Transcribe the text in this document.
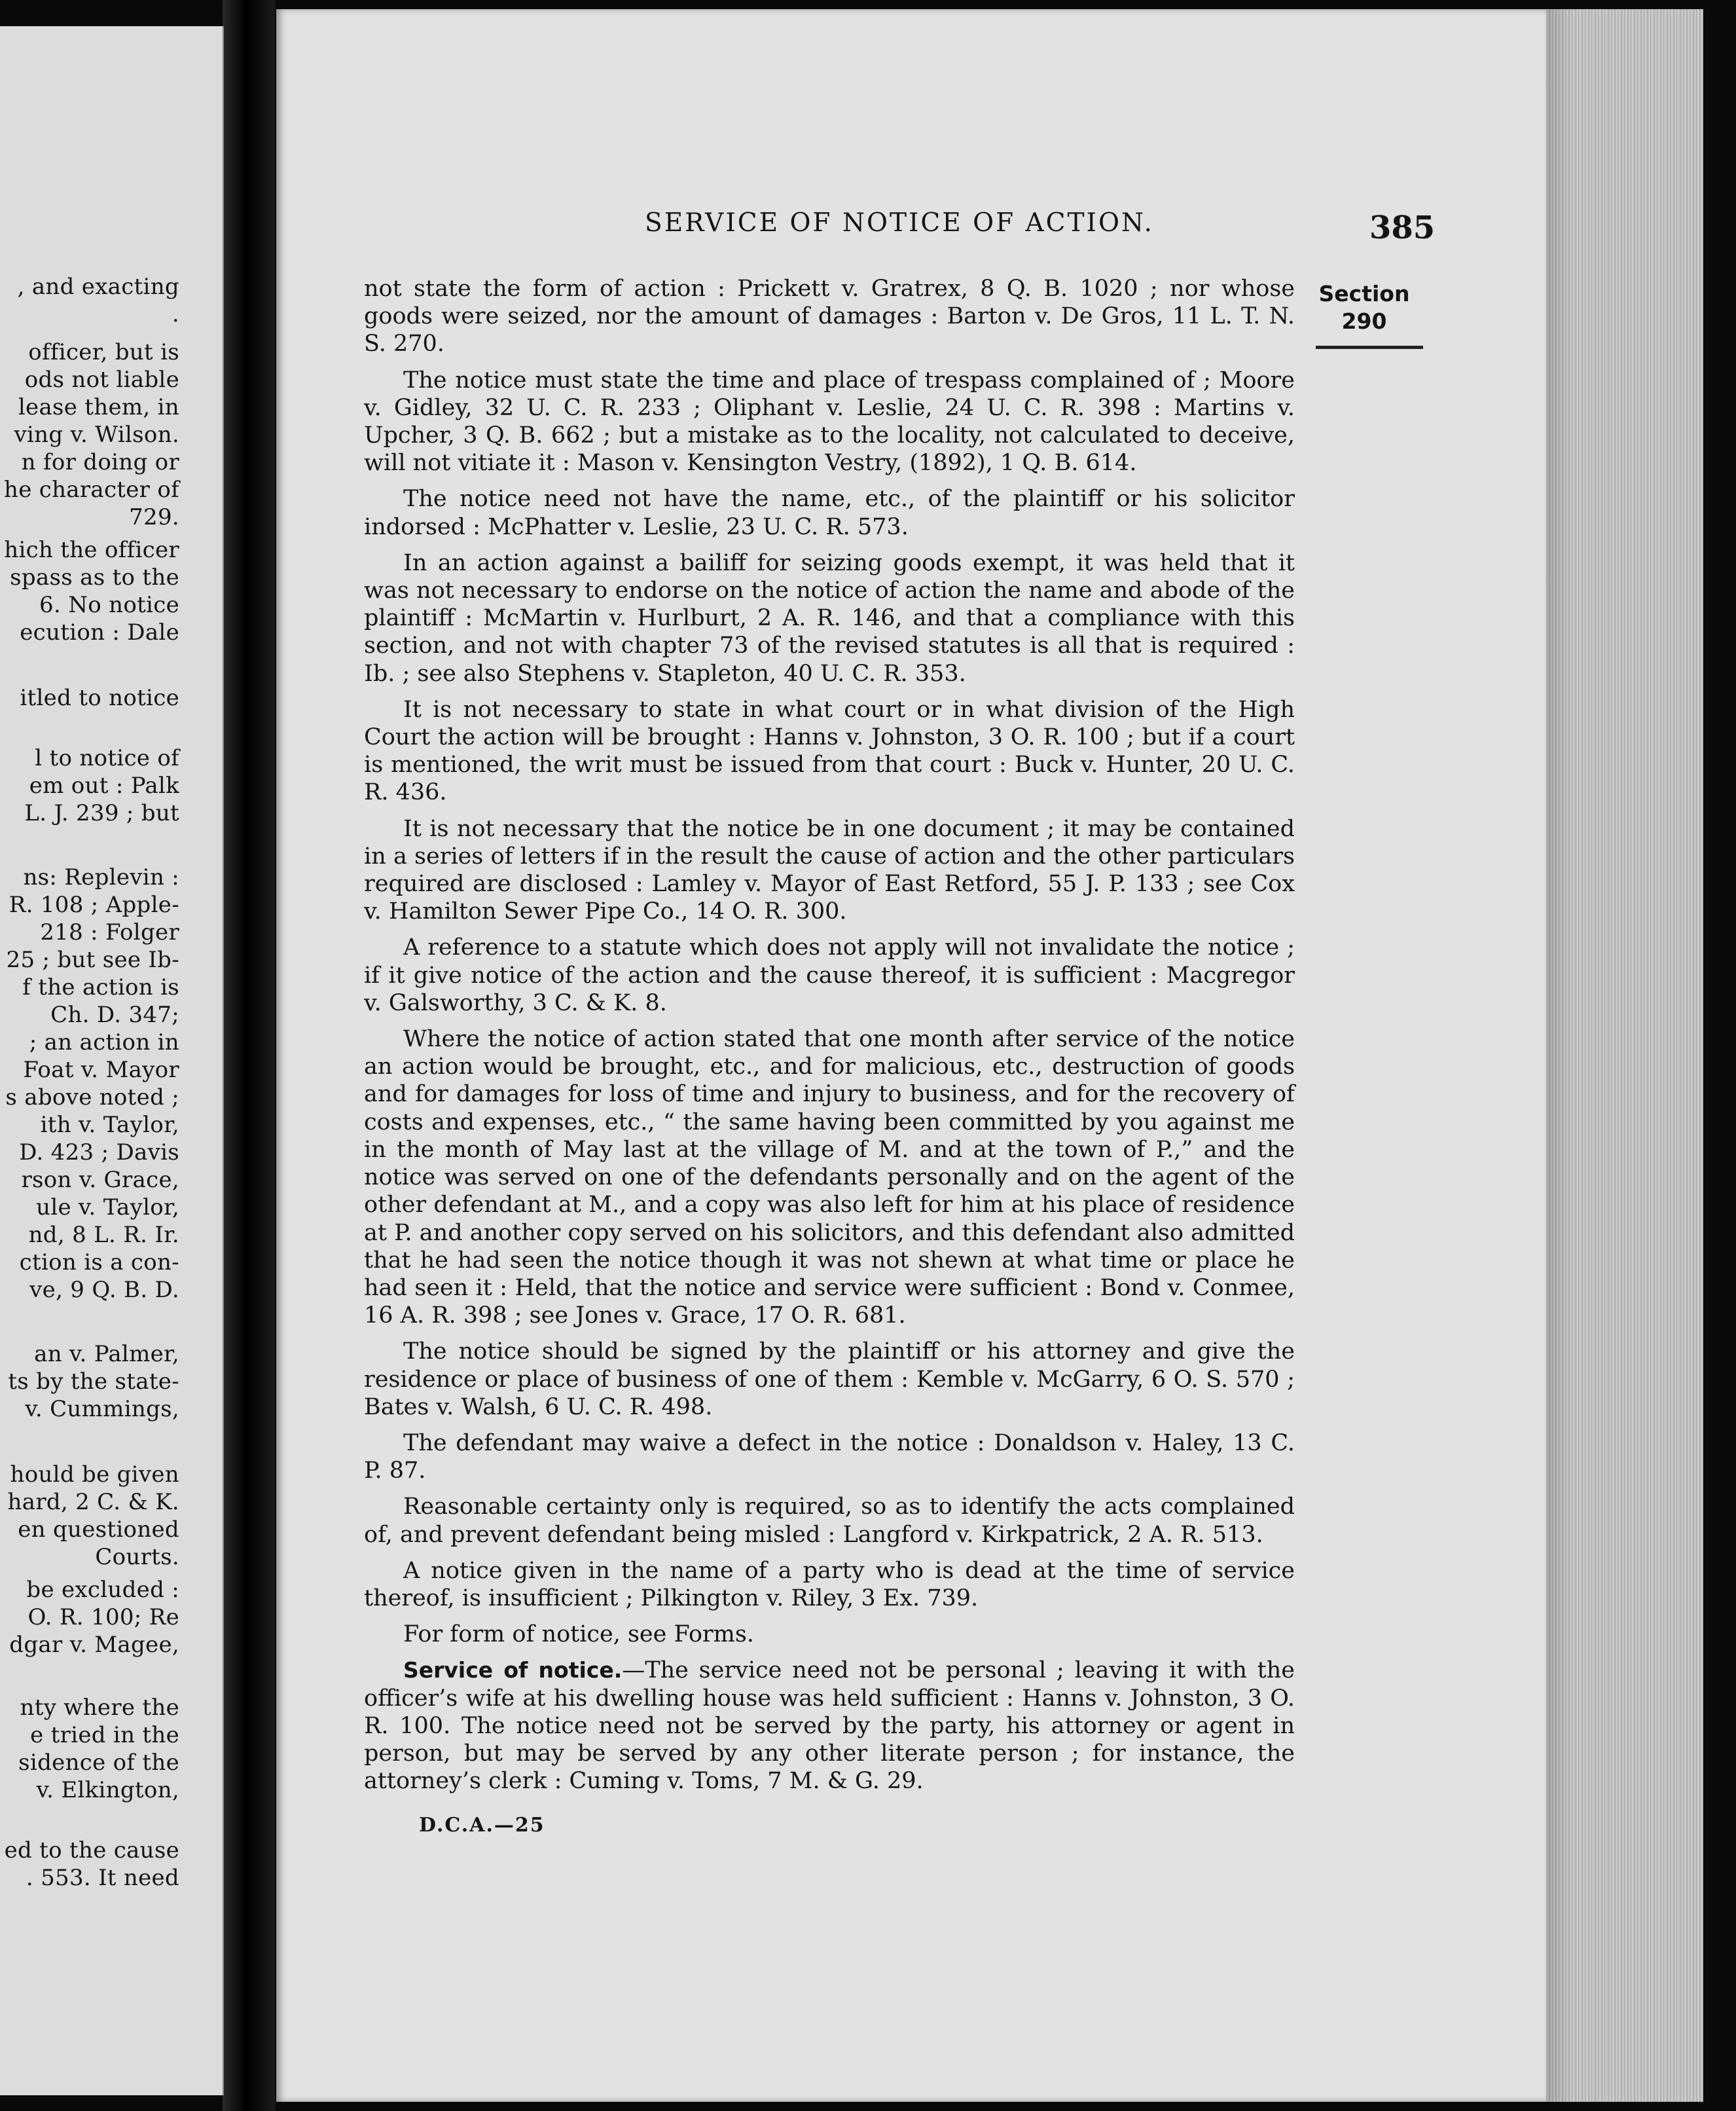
, and exacting
.
officer, but is
ods not liable
lease them, in
ving v. Wilson.
n for doing or
he character of
729.
hich the officer
spass as to the
6. No notice
ecution : Dale
itled to notice
l to notice of
em out : Palk
L. J. 239 ; but
ns: Replevin :
R. 108 ; Apple-
218 : Folger
25 ; but see Ib-
f the action is
Ch. D. 347;
; an action in
Foat v. Mayor
s above noted ;
ith v. Taylor,
D. 423 ; Davis
rson v. Grace,
ule v. Taylor,
nd, 8 L. R. Ir.
ction is a con-
ve, 9 Q. B. D.
an v. Palmer,
ts by the state-
v. Cummings,
hould be given
hard, 2 C. & K.
en questioned
Courts.
be excluded :
O. R. 100; Re
dgar v. Magee,
nty where the
e tried in the
sidence of the
v. Elkington,
ed to the cause
. 553. It need
SERVICE OF NOTICE OF ACTION.	385
Section
290

not state the form of action : Prickett v. Gratrex, 8 Q. B. 1020 ; nor whose goods were seized, nor the amount of damages : Barton v. De Gros, 11 L. T. N. S. 270.

The notice must state the time and place of trespass complained of ; Moore v. Gidley, 32 U. C. R. 233 ; Oliphant v. Leslie, 24 U. C. R. 398 : Martins v. Upcher, 3 Q. B. 662 ; but a mistake as to the locality, not calculated to deceive, will not vitiate it : Mason v. Kensington Vestry, (1892), 1 Q. B. 614.

The notice need not have the name, etc., of the plaintiff or his solicitor indorsed : McPhatter v. Leslie, 23 U. C. R. 573.

In an action against a bailiff for seizing goods exempt, it was held that it was not necessary to endorse on the notice of action the name and abode of the plaintiff : McMartin v. Hurlburt, 2 A. R. 146, and that a compliance with this section, and not with chapter 73 of the revised statutes is all that is required : Ib. ; see also Stephens v. Stapleton, 40 U. C. R. 353.

It is not necessary to state in what court or in what division of the High Court the action will be brought : Hanns v. Johnston, 3 O. R. 100 ; but if a court is mentioned, the writ must be issued from that court : Buck v. Hunter, 20 U. C. R. 436.

It is not necessary that the notice be in one document ; it may be contained in a series of letters if in the result the cause of action and the other particulars required are disclosed : Lamley v. Mayor of East Retford, 55 J. P. 133 ; see Cox v. Hamilton Sewer Pipe Co., 14 O. R. 300.

A reference to a statute which does not apply will not invalidate the notice ; if it give notice of the action and the cause thereof, it is sufficient : Macgregor v. Galsworthy, 3 C. & K. 8.

Where the notice of action stated that one month after service of the notice an action would be brought, etc., and for malicious, etc., destruction of goods and for damages for loss of time and injury to business, and for the recovery of costs and expenses, etc., “ the same having been committed by you against me in the month of May last at the village of M. and at the town of P.,” and the notice was served on one of the defendants personally and on the agent of the other defendant at M., and a copy was also left for him at his place of residence at P. and another copy served on his solicitors, and this defendant also admitted that he had seen the notice though it was not shewn at what time or place he had seen it : Held, that the notice and service were sufficient : Bond v. Conmee, 16 A. R. 398 ; see Jones v. Grace, 17 O. R. 681.

The notice should be signed by the plaintiff or his attorney and give the residence or place of business of one of them : Kemble v. McGarry, 6 O. S. 570 ; Bates v. Walsh, 6 U. C. R. 498.

The defendant may waive a defect in the notice : Donaldson v. Haley, 13 C. P. 87.

Reasonable certainty only is required, so as to identify the acts complained of, and prevent defendant being misled : Langford v. Kirkpatrick, 2 A. R. 513.

A notice given in the name of a party who is dead at the time of service thereof, is insufficient ; Pilkington v. Riley, 3 Ex. 739.

For form of notice, see Forms.

Service of notice.—The service need not be personal ; leaving it with the officer’s wife at his dwelling house was held sufficient : Hanns v. Johnston, 3 O. R. 100. The notice need not be served by the party, his attorney or agent in person, but may be served by any other literate person ; for instance, the attorney’s clerk : Cuming v. Toms, 7 M. & G. 29.

D.C.A.—25
